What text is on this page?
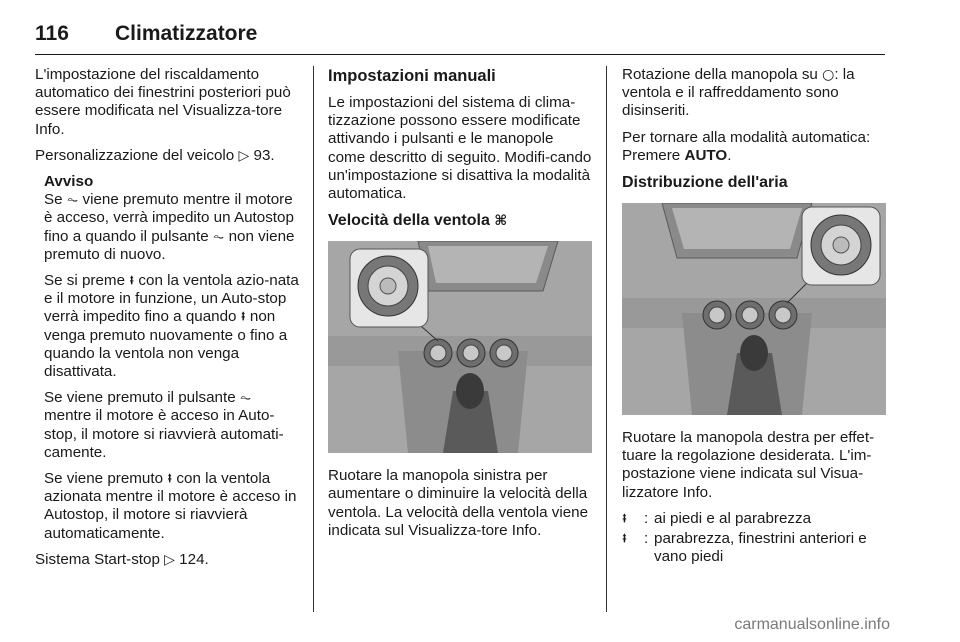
116 Climatizzatore

L'impostazione del riscaldamento automatico dei finestrini posteriori può essere modificata nel Visualizza-tore Info.

Personalizzazione del veicolo ▷ 93.

Avviso

Se ⏦ viene premuto mentre il motore è acceso, verrà impedito un Autostop fino a quando il pulsante ⏦ non viene premuto di nuovo.

Se si preme ⭻ con la ventola azio-nata e il motore in funzione, un Auto-stop verrà impedito fino a quando ⭻ non venga premuto nuovamente o fino a quando la ventola non venga disattivata.

Se viene premuto il pulsante ⏦ mentre il motore è acceso in Auto-stop, il motore si riavvierà automati-camente.

Se viene premuto ⭻ con la ventola azionata mentre il motore è acceso in Autostop, il motore si riavvierà automaticamente.

Sistema Start-stop ▷ 124.

Impostazioni manuali

Le impostazioni del sistema di clima-tizzazione possono essere modificate attivando i pulsanti e le manopole come descritto di seguito. Modifi-cando un'impostazione si disattiva la modalità automatica.

Velocità della ventola ⌘

Ruotare la manopola sinistra per aumentare o diminuire la velocità della ventola. La velocità della ventola viene indicata sul Visualizza-tore Info.

Rotazione della manopola su ○: la ventola e il raffreddamento sono disinseriti.

Per tornare alla modalità automatica: Premere AUTO.

Distribuzione dell'aria

Ruotare la manopola destra per effet-tuare la regolazione desiderata. L'im-postazione viene indicata sul Visua-lizzatore Info.

⭻	: ai piedi e al parabrezza
⭻	: parabrezza, finestrini anteriori e vano piedi
carmanualsonline.info
